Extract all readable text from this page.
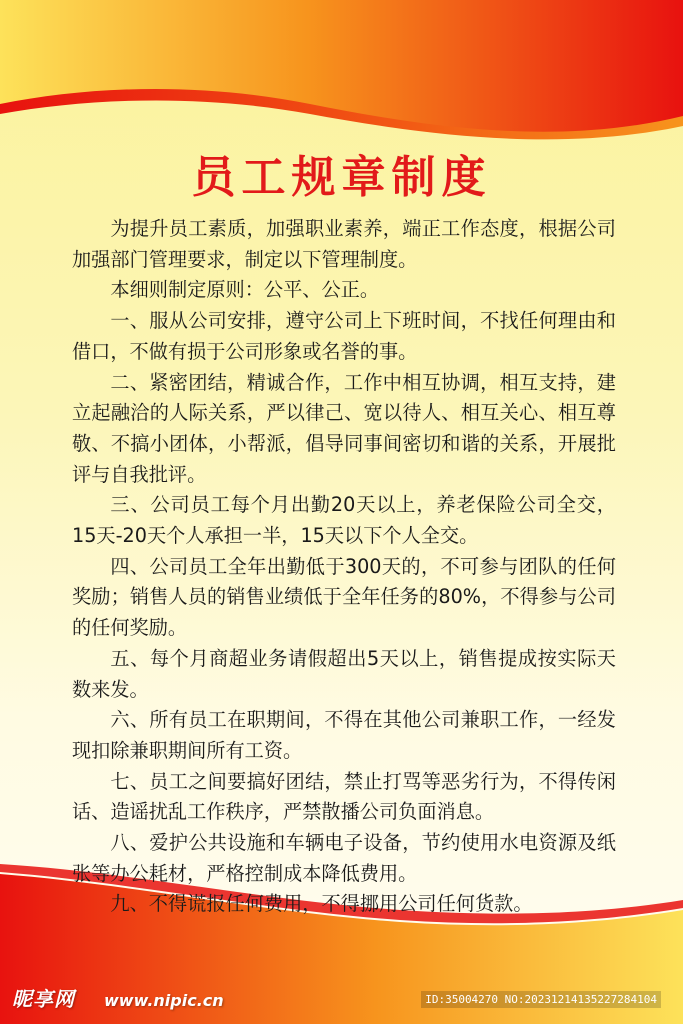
员工规章制度

为提升员工素质，加强职业素养，端正工作态度，根据公司加强部门管理要求，制定以下管理制度。

本细则制定原则：公平、公正。

一、服从公司安排，遵守公司上下班时间，不找任何理由和借口，不做有损于公司形象或名誉的事。

二、紧密团结，精诚合作，工作中相互协调，相互支持，建立起融洽的人际关系，严以律己、宽以待人、相互关心、相互尊敬、不搞小团体，小帮派，倡导同事间密切和谐的关系，开展批评与自我批评。

三、公司员工每个月出勤20天以上，养老保险公司全交，15天-20天个人承担一半，15天以下个人全交。

四、公司员工全年出勤低于300天的，不可参与团队的任何奖励；销售人员的销售业绩低于全年任务的80%，不得参与公司的任何奖励。

五、每个月商超业务请假超出5天以上，销售提成按实际天数来发。

六、所有员工在职期间，不得在其他公司兼职工作，一经发现扣除兼职期间所有工资。

七、员工之间要搞好团结，禁止打骂等恶劣行为，不得传闲话、造谣扰乱工作秩序，严禁散播公司负面消息。

八、爱护公共设施和车辆电子设备，节约使用水电资源及纸张等办公耗材，严格控制成本降低费用。

九、不得谎报任何费用，不得挪用公司任何货款。

昵享网 www.nipic.cn	ID:35004270 NO:20231214135227284104
